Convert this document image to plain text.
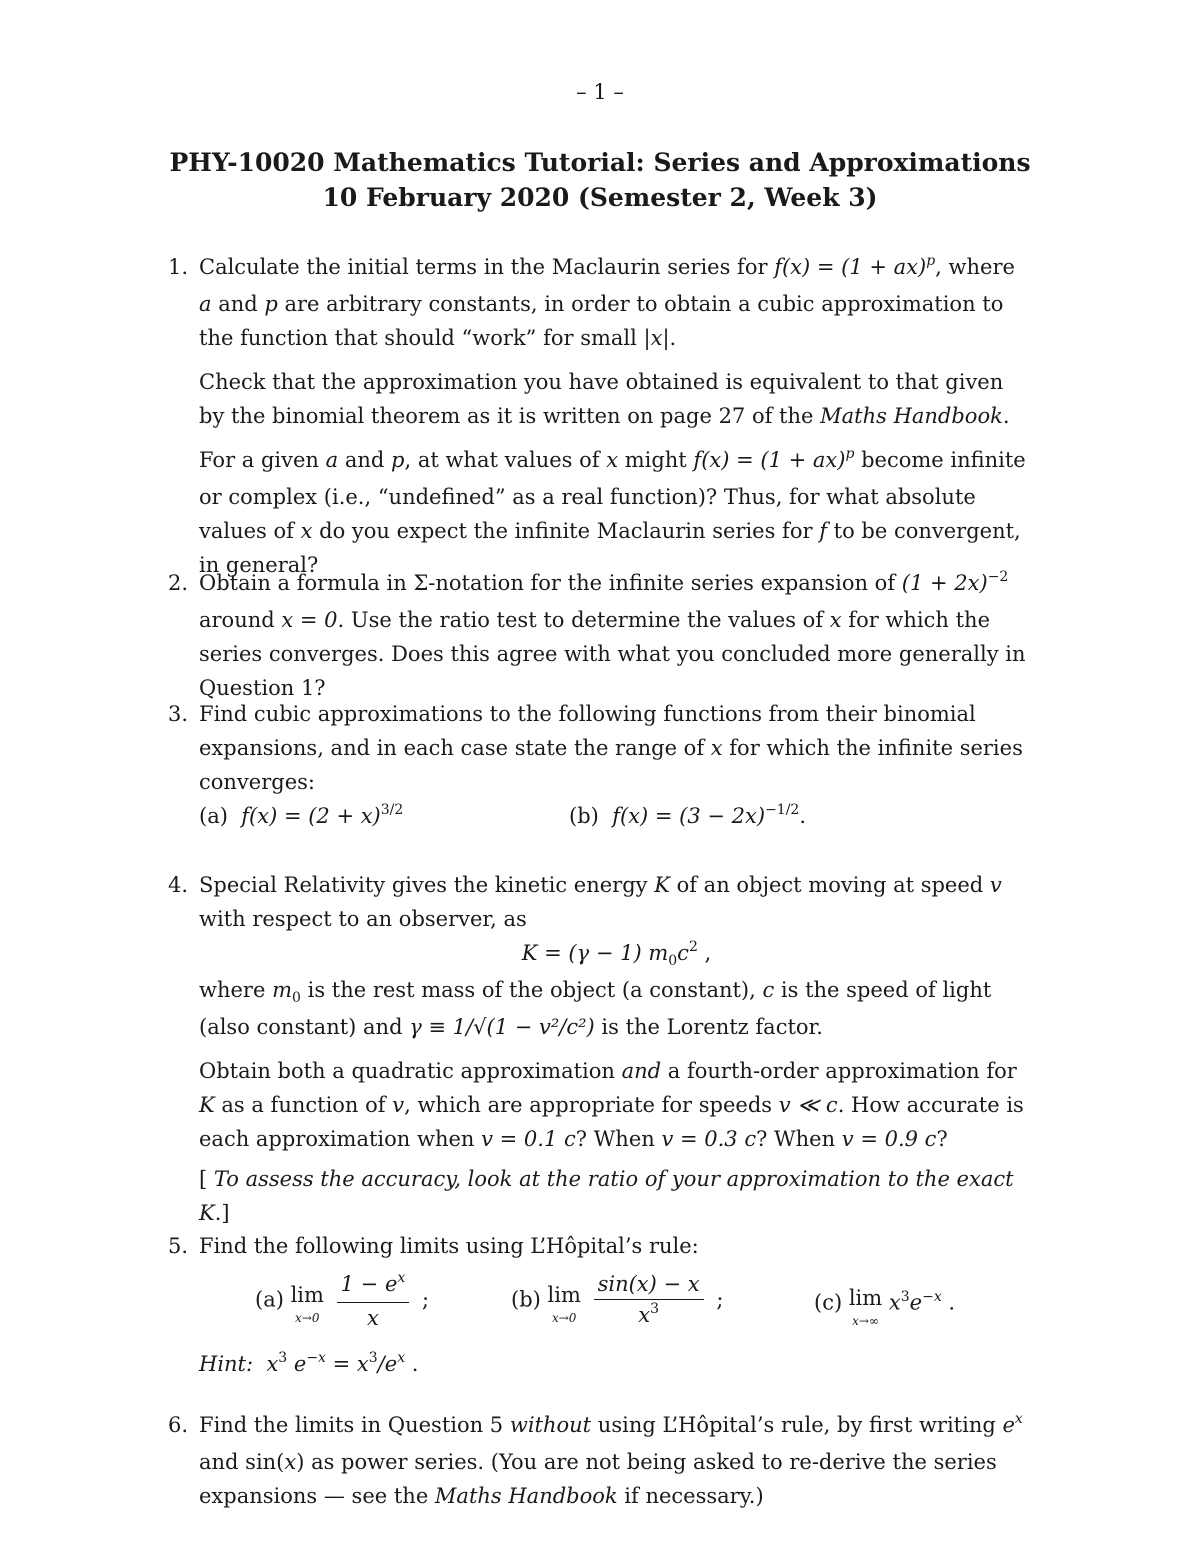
– 1 –
PHY-10020 Mathematics Tutorial: Series and Approximations
10 February 2020 (Semester 2, Week 3)
1. Calculate the initial terms in the Maclaurin series for f(x) = (1 + ax)$^p$, where a and p are arbitrary constants, in order to obtain a cubic approximation to the function that should “work” for small |x|.

Check that the approximation you have obtained is equivalent to that given by the binomial theorem as it is written on page 27 of the Maths Handbook.

For a given a and p, at what values of x might f(x) = (1 + ax)$^p$ become infinite or complex (i.e., “undefined” as a real function)? Thus, for what absolute values of x do you expect the infinite Maclaurin series for f to be convergent, in general?

2. Obtain a formula in Σ-notation for the infinite series expansion of $(1 + 2x)^{-2}$ around x = 0. Use the ratio test to determine the values of x for which the series converges. Does this agree with what you concluded more generally in Question 1?

3. Find cubic approximations to the following functions from their binomial expansions, and in each case state the range of x for which the infinite series converges:

(a) $f(x) = (2 + x)^{3/2}$	(b) $f(x) = (3 - 2x)^{-1/2}$.
4. Special Relativity gives the kinetic energy K of an object moving at speed v with respect to an observer, as

K = (γ − 1) $m_0c^2$ ,

where $m_0$ is the rest mass of the object (a constant), c is the speed of light (also constant) and γ ≡ 1/√(1 − v²/c²) is the Lorentz factor.

Obtain both a quadratic approximation and a fourth-order approximation for K as a function of v, which are appropriate for speeds v ≪ c. How accurate is each approximation when v = 0.1 c? When v = 0.3 c? When v = 0.9 c?

[ To assess the accuracy, look at the ratio of your approximation to the exact K.]

5. Find the following limits using L’Hôpital’s rule:

(a) lim
x→0
$\frac{1 - e^x}{x}$ ;	(b) lim
x→0
$\frac{\sin(x) - x}{x^3}$ ;	(c) lim
x→∞
$x^3e^{-x}$ .

Hint: $x^3$ $e^{-x} = x^3/e^x$ .

6. Find the limits in Question 5 without using L’Hôpital’s rule, by first writing $e^x$ and sin(x) as power series. (You are not being asked to re-derive the series expansions — see the Maths Handbook if necessary.)
